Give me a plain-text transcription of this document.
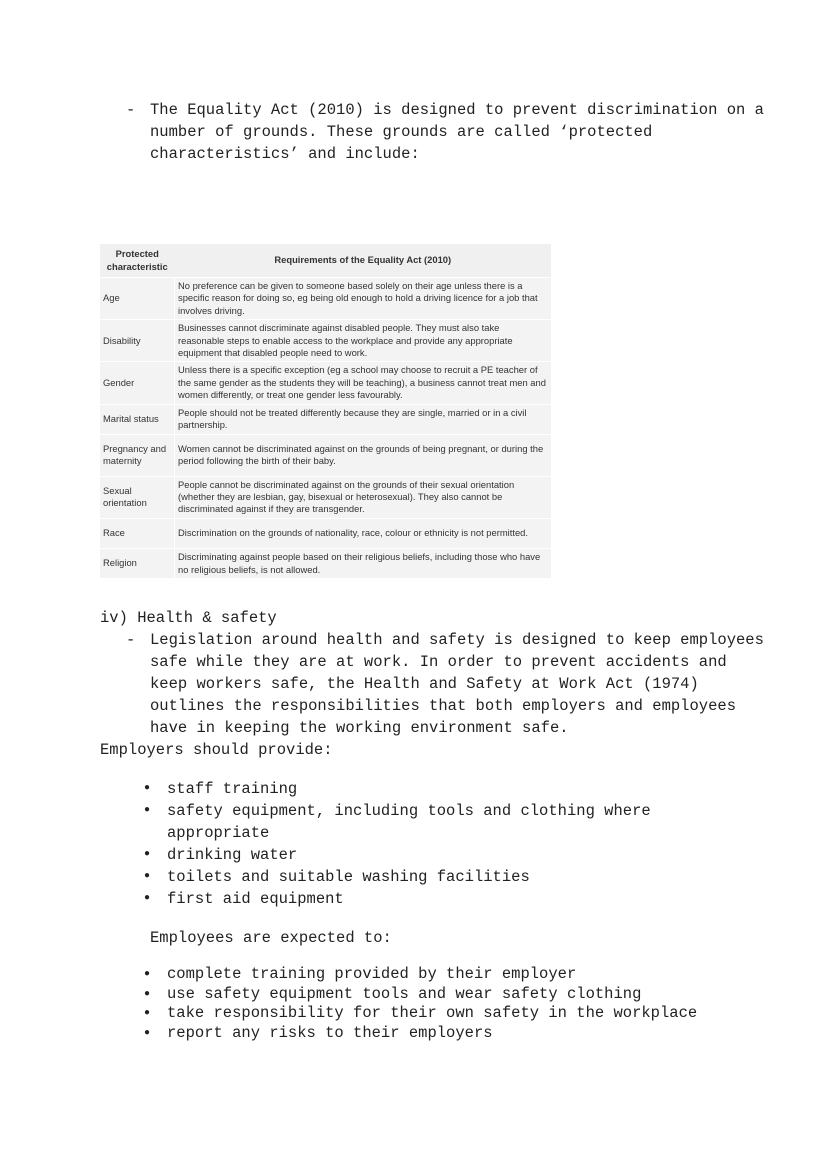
- The Equality Act (2010) is designed to prevent discrimination on a number of grounds. These grounds are called ‘protected characteristics’ and include:
Protected characteristic	Requirements of the Equality Act (2010)
Age	No preference can be given to someone based solely on their age unless there is a specific reason for doing so, eg being old enough to hold a driving licence for a job that involves driving.
Disability	Businesses cannot discriminate against disabled people. They must also take reasonable steps to enable access to the workplace and provide any appropriate equipment that disabled people need to work.
Gender	Unless there is a specific exception (eg a school may choose to recruit a PE teacher of the same gender as the students they will be teaching), a business cannot treat men and women differently, or treat one gender less favourably.
Marital status	People should not be treated differently because they are single, married or in a civil partnership.
Pregnancy and maternity	Women cannot be discriminated against on the grounds of being pregnant, or during the period following the birth of their baby.
Sexual orientation	People cannot be discriminated against on the grounds of their sexual orientation (whether they are lesbian, gay, bisexual or heterosexual). They also cannot be discriminated against if they are transgender.
Race	Discrimination on the grounds of nationality, race, colour or ethnicity is not permitted.
Religion	Discriminating against people based on their religious beliefs, including those who have no religious beliefs, is not allowed.
iv) Health & safety
- Legislation around health and safety is designed to keep employees safe while they are at work. In order to prevent accidents and keep workers safe, the Health and Safety at Work Act (1974) outlines the responsibilities that both employers and employees have in keeping the working environment safe.
Employers should provide:
● staff training
● safety equipment, including tools and clothing where appropriate
● drinking water
● toilets and suitable washing facilities
● first aid equipment
Employees are expected to:
● complete training provided by their employer
● use safety equipment tools and wear safety clothing
● take responsibility for their own safety in the workplace
● report any risks to their employers
